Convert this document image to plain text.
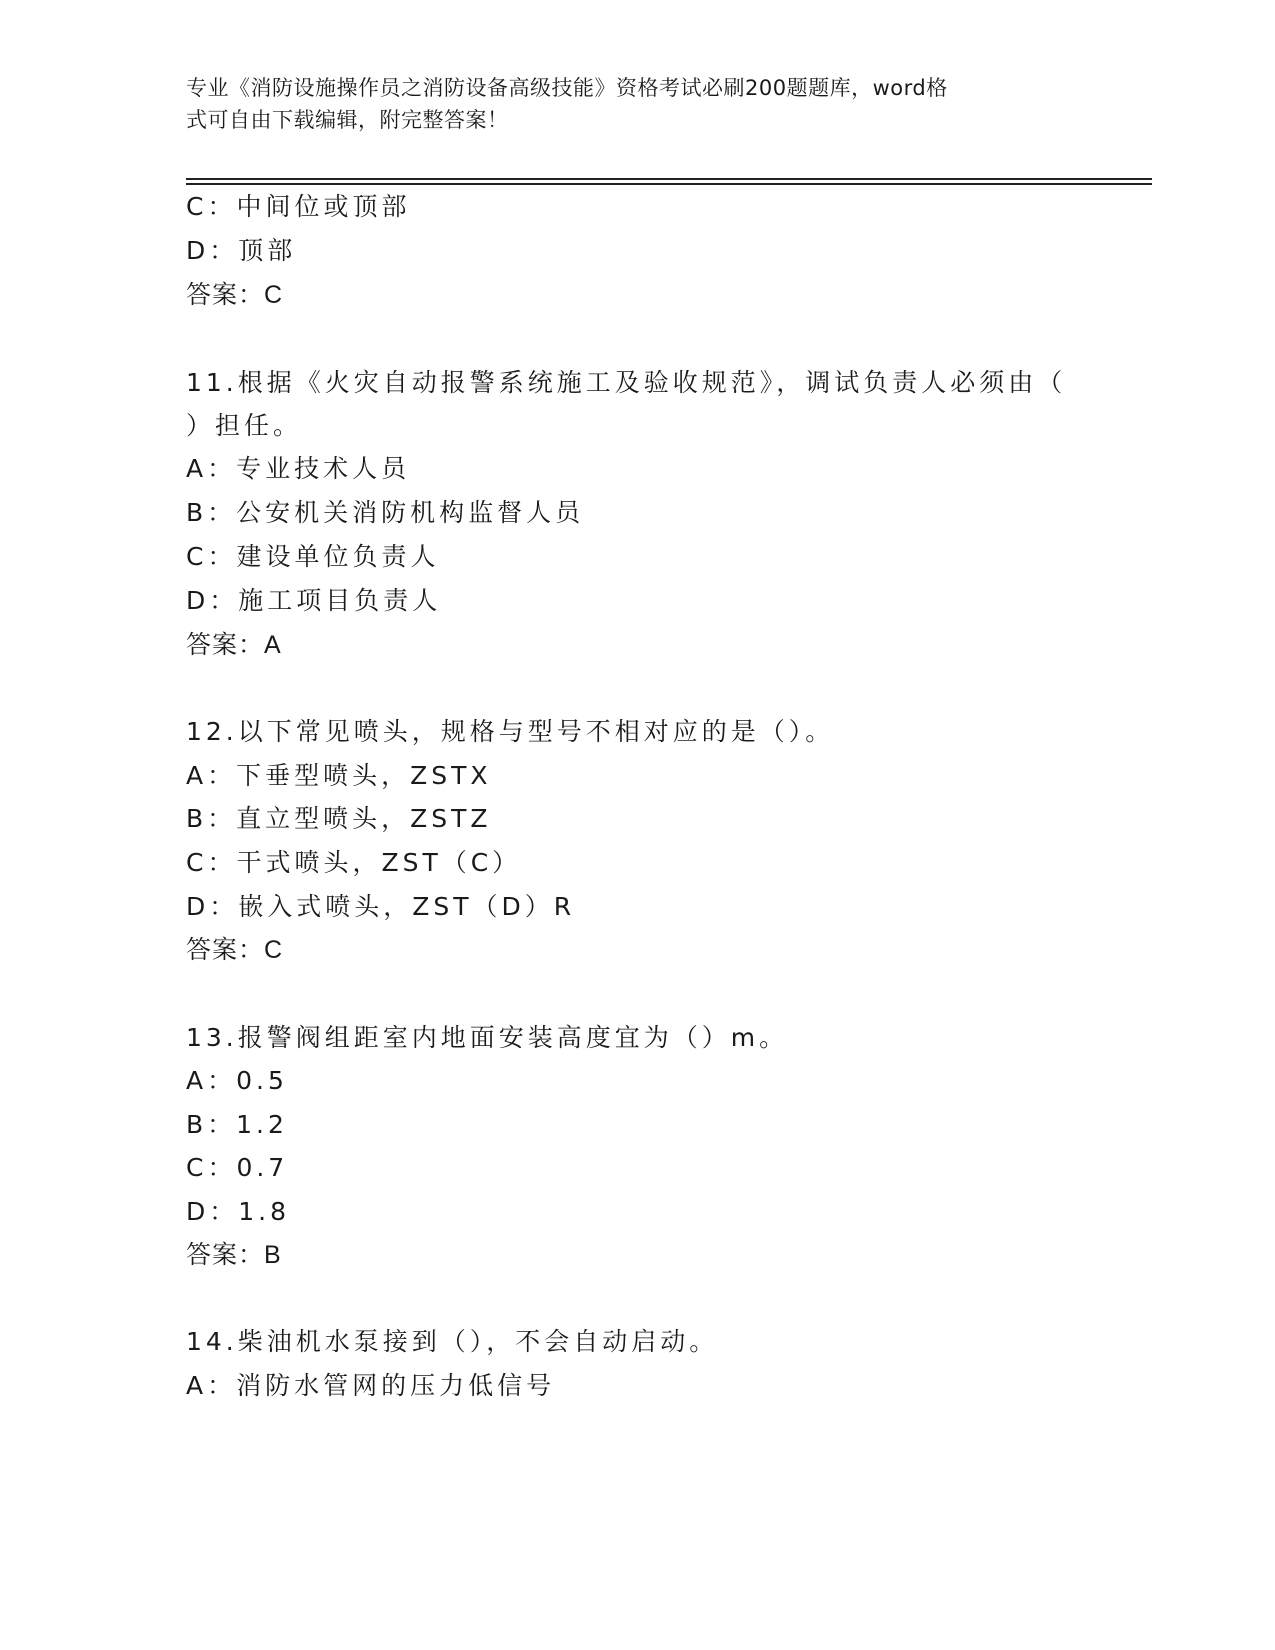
专业《消防设施操作员之消防设备高级技能》资格考试必刷200题题库，word格
式可自由下载编辑，附完整答案！
C：中间位或顶部
D：顶部
答案：C
11.根据《火灾自动报警系统施工及验收规范》，调试负责人必须由（
）担任。
A：专业技术人员
B：公安机关消防机构监督人员
C：建设单位负责人
D：施工项目负责人
答案：A
12.以下常见喷头，规格与型号不相对应的是（）。
A：下垂型喷头，ZSTX
B：直立型喷头，ZSTZ
C：干式喷头，ZST（C）
D：嵌入式喷头，ZST（D）R
答案：C
13.报警阀组距室内地面安装高度宜为（）m。
A：0.5
B：1.2
C：0.7
D：1.8
答案：B
14.柴油机水泵接到（），不会自动启动。
A：消防水管网的压力低信号
